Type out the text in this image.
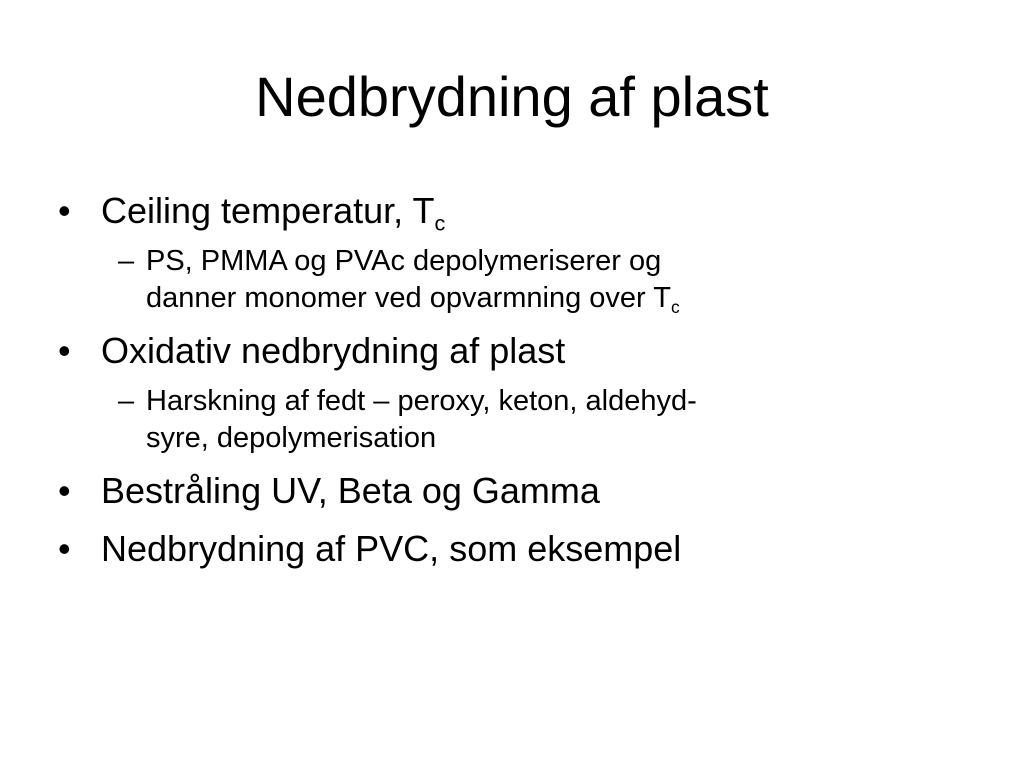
Nedbrydning af plast
• Ceiling temperatur, $T_c$
– PS, PMMA og PVAc depolymeriserer og
danner monomer ved opvarmning over $T_c$
• Oxidativ nedbrydning af plast
– Harskning af fedt – peroxy, keton, aldehyd-
syre, depolymerisation
• Bestråling UV, Beta og Gamma
• Nedbrydning af PVC, som eksempel
